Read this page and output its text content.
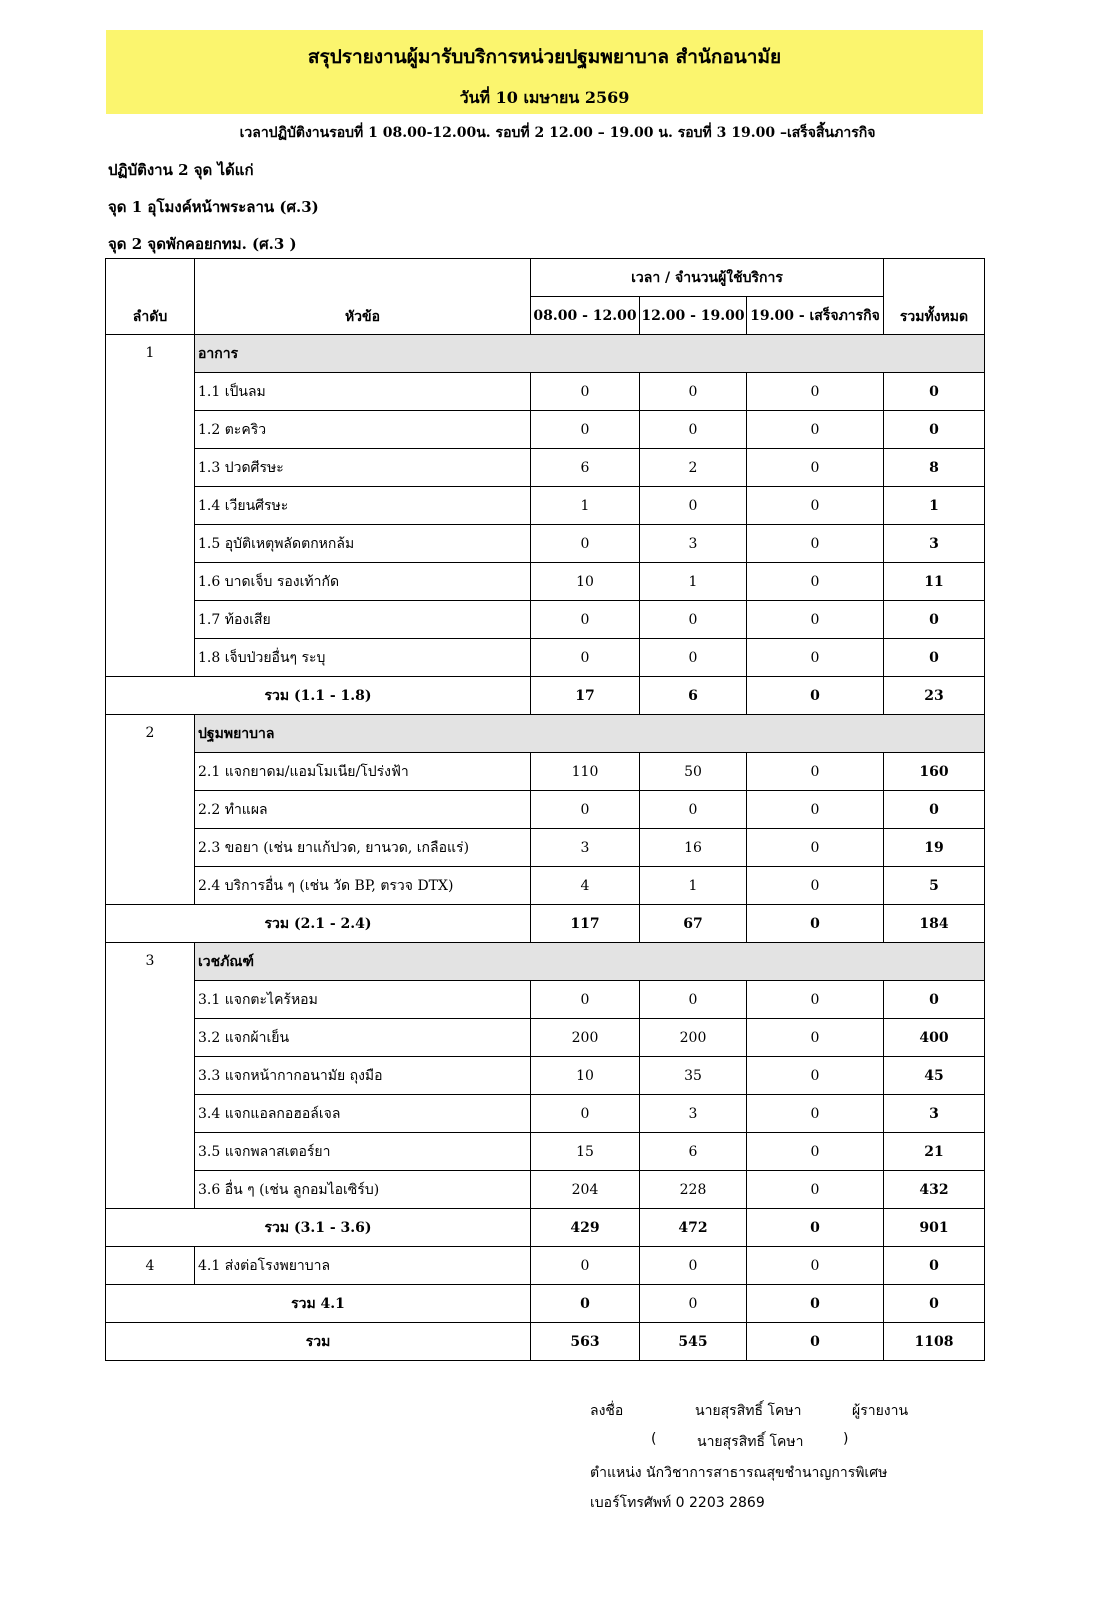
สรุปรายงานผู้มารับบริการหน่วยปฐมพยาบาล สำนักอนามัย
วันที่ 10 เมษายน 2569
เวลาปฏิบัติงานรอบที่ 1 08.00-12.00น. รอบที่ 2 12.00 – 19.00 น. รอบที่ 3 19.00 –เสร็จสิ้นภารกิจ
ปฏิบัติงาน 2 จุด ได้แก่
จุด 1 อุโมงค์หน้าพระลาน (ศ.3)
จุด 2 จุดพักคอยกทม. (ศ.3 )
ลำดับ	หัวข้อ	เวลา / จำนวนผู้ใช้บริการ			รวมทั้งหมด
		08.00 - 12.00	12.00 - 19.00	19.00 - เสร็จภารกิจ	
1	อาการ				
	1.1 เป็นลม	0	0	0	0
	1.2 ตะคริว	0	0	0	0
	1.3 ปวดศีรษะ	6	2	0	8
	1.4 เวียนศีรษะ	1	0	0	1
	1.5 อุบัติเหตุพลัดตกหกล้ม	0	3	0	3
	1.6 บาดเจ็บ รองเท้ากัด	10	1	0	11
	1.7 ท้องเสีย	0	0	0	0
	1.8 เจ็บป่วยอื่นๆ ระบุ	0	0	0	0
รวม (1.1 - 1.8)		17	6	0	23
2	ปฐมพยาบาล				
	2.1 แจกยาดม/แอมโมเนีย/โปร่งฟ้า	110	50	0	160
	2.2 ทำแผล	0	0	0	0
	2.3 ขอยา (เช่น ยาแก้ปวด, ยานวด, เกลือแร่)	3	16	0	19
	2.4 บริการอื่น ๆ (เช่น วัด BP, ตรวจ DTX)	4	1	0	5
รวม (2.1 - 2.4)		117	67	0	184
3	เวชภัณฑ์				
	3.1 แจกตะไคร้หอม	0	0	0	0
	3.2 แจกผ้าเย็น	200	200	0	400
	3.3 แจกหน้ากากอนามัย ถุงมือ	10	35	0	45
	3.4 แจกแอลกอฮอล์เจล	0	3	0	3
	3.5 แจกพลาสเตอร์ยา	15	6	0	21
	3.6 อื่น ๆ (เช่น ลูกอมไอเซิร์บ)	204	228	0	432
รวม (3.1 - 3.6)		429	472	0	901
4	4.1 ส่งต่อโรงพยาบาล	0	0	0	0
รวม 4.1		0	0	0	0
รวม		563	545	0	1108
ลงชื่อ	นายสุรสิทธิ์ โคษา	ผู้รายงาน
(	นายสุรสิทธิ์ โคษา	)
ตำแหน่ง นักวิชาการสาธารณสุขชำนาญการพิเศษ
เบอร์โทรศัพท์ 0 2203 2869
